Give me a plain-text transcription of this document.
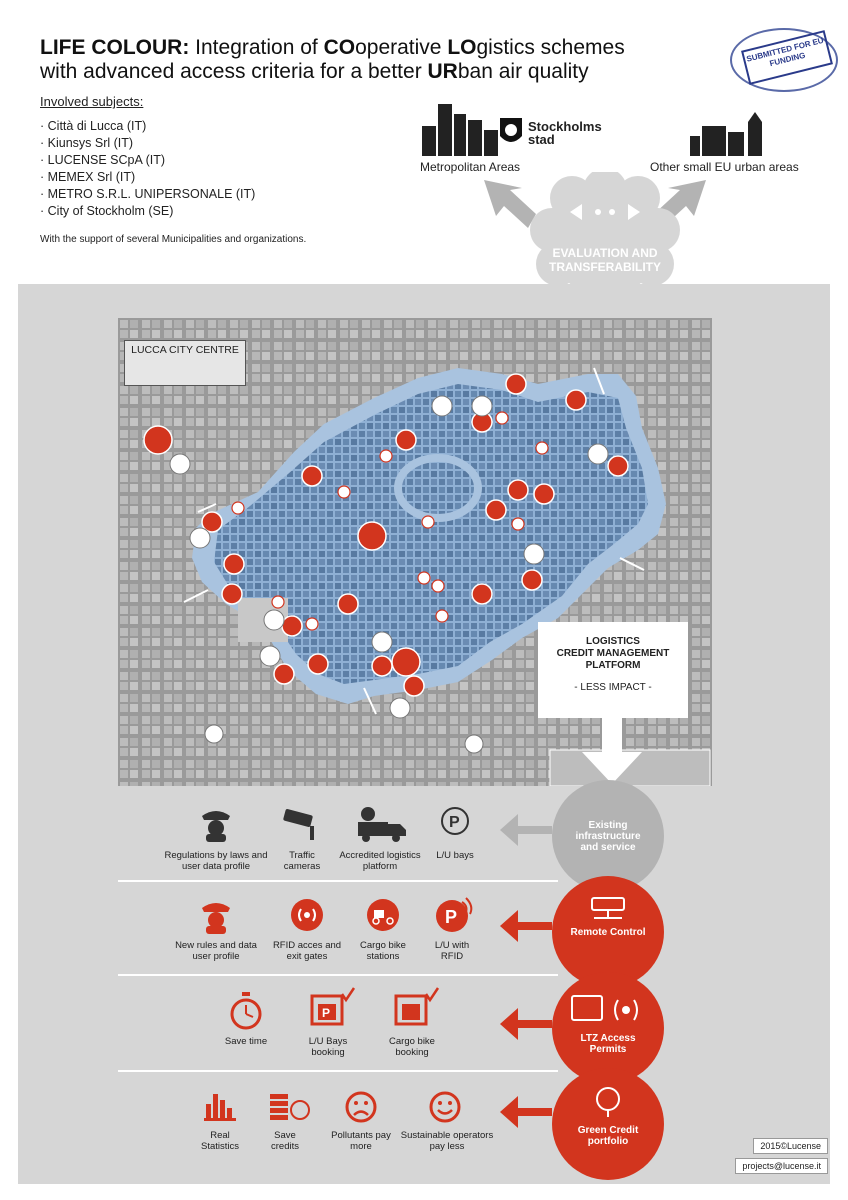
LIFE COLOUR: Integration of COoperative LOgistics schemes
with advanced access criteria for a better URban air quality
SUBMITTED FOR EU FUNDING
Involved subjects:
· Città di Lucca (IT)
· Kiunsys Srl (IT)
· LUCENSE SCpA (IT)
· MEMEX Srl (IT)
· METRO S.R.L. UNIPERSONALE (IT)
· City of Stockholm (SE)
With the support of several Municipalities and organizations.
Stockholms stad
Metropolitan Areas	Other small EU urban areas
EVALUATION AND TRANSFERABILITY
LUCCA CITY CENTRE
LOGISTICS
CREDIT MANAGEMENT
PLATFORM
- LESS IMPACT -
Existing infrastructure and service
Remote Control
LTZ Access Permits
Green Credit portfolio
Regulations by laws and user data profile
Traffic cameras
Accredited logistics platform
P
L/U bays
New rules and data user profile
RFID acces and exit gates
Cargo bike stations
P
L/U with RFID
Save time
P
L/U Bays booking
Cargo bike booking
Real Statistics
Save credits
Pollutants pay more
Sustainable operators pay less	2015©Lucense
projects@lucense.it
